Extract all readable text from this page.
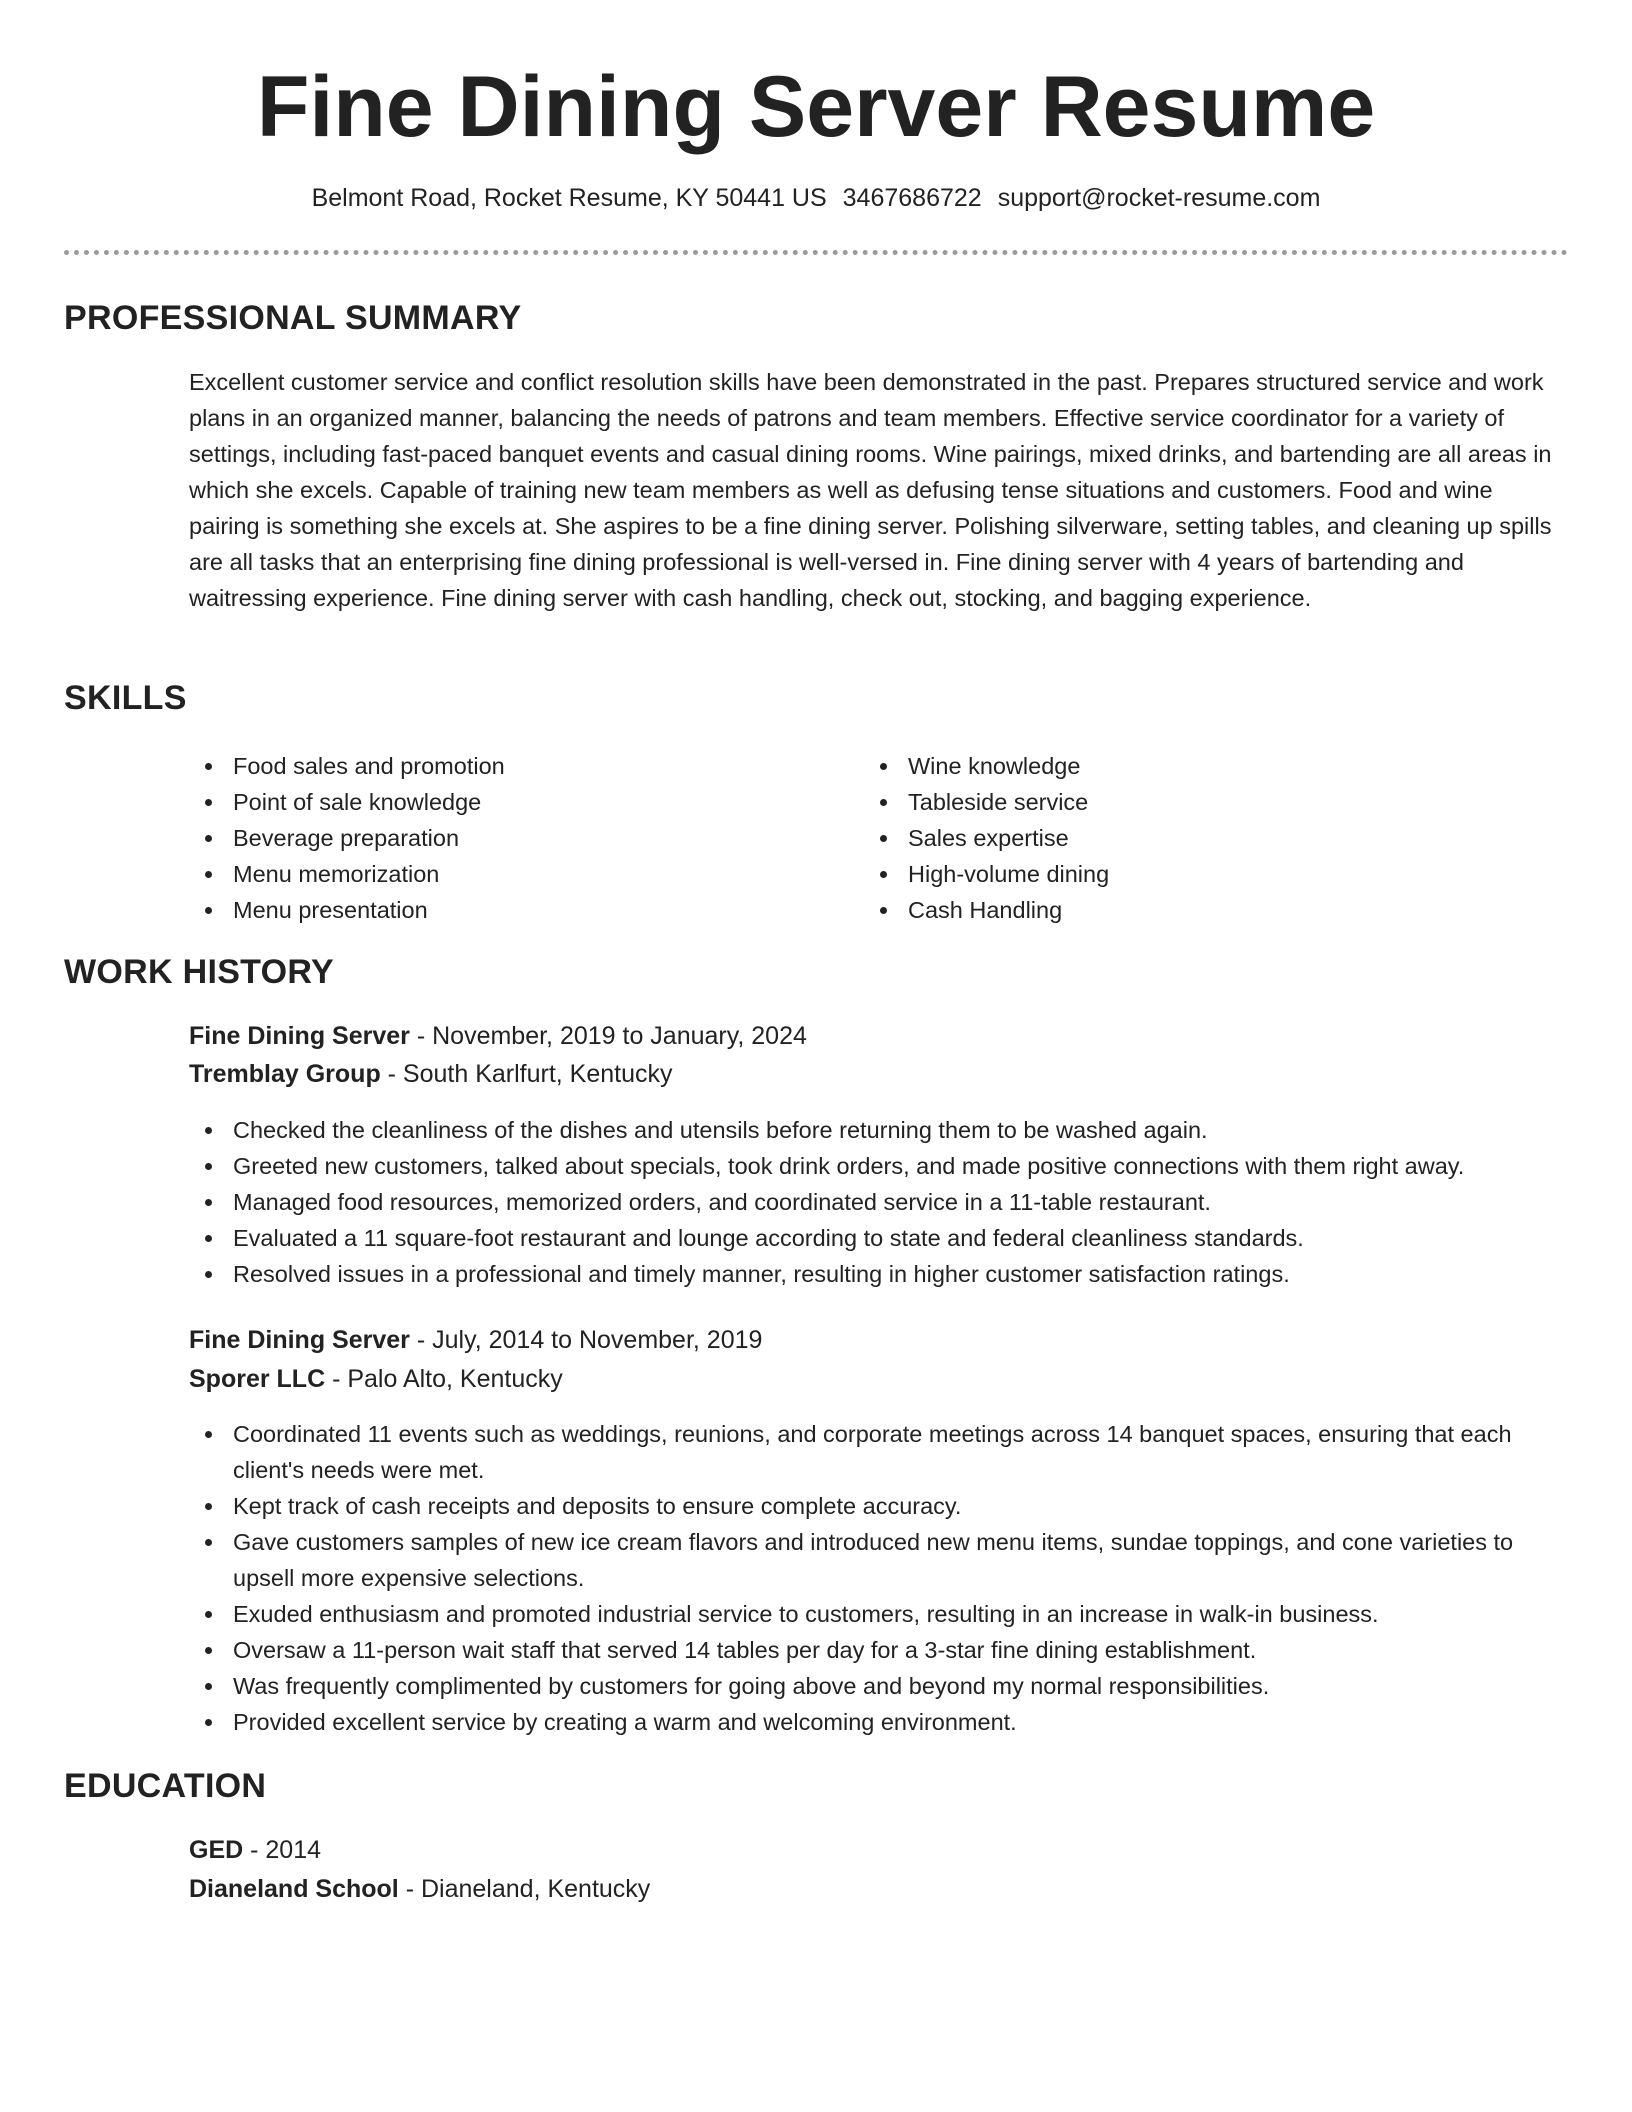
Fine Dining Server Resume
Belmont Road, Rocket Resume, KY 50441 US 3467686722 support@rocket-resume.com
PROFESSIONAL SUMMARY

Excellent customer service and conflict resolution skills have been demonstrated in the past. Prepares structured service and work plans in an organized manner, balancing the needs of patrons and team members. Effective service coordinator for a variety of settings, including fast-paced banquet events and casual dining rooms. Wine pairings, mixed drinks, and bartending are all areas in which she excels. Capable of training new team members as well as defusing tense situations and customers. Food and wine pairing is something she excels at. She aspires to be a fine dining server. Polishing silverware, setting tables, and cleaning up spills are all tasks that an enterprising fine dining professional is well-versed in. Fine dining server with 4 years of bartending and waitressing experience. Fine dining server with cash handling, check out, stocking, and bagging experience.

SKILLS
Food sales and promotion
Point of sale knowledge
Beverage preparation
Menu memorization
Menu presentation
Wine knowledge
Tableside service
Sales expertise
High-volume dining
Cash Handling
WORK HISTORY
Fine Dining Server - November, 2019 to January, 2024
Tremblay Group - South Karlfurt, Kentucky
Checked the cleanliness of the dishes and utensils before returning them to be washed again.
Greeted new customers, talked about specials, took drink orders, and made positive connections with them right away.
Managed food resources, memorized orders, and coordinated service in a 11-table restaurant.
Evaluated a 11 square-foot restaurant and lounge according to state and federal cleanliness standards.
Resolved issues in a professional and timely manner, resulting in higher customer satisfaction ratings.
Fine Dining Server - July, 2014 to November, 2019
Sporer LLC - Palo Alto, Kentucky
Coordinated 11 events such as weddings, reunions, and corporate meetings across 14 banquet spaces, ensuring that each client's needs were met.
Kept track of cash receipts and deposits to ensure complete accuracy.
Gave customers samples of new ice cream flavors and introduced new menu items, sundae toppings, and cone varieties to upsell more expensive selections.
Exuded enthusiasm and promoted industrial service to customers, resulting in an increase in walk-in business.
Oversaw a 11-person wait staff that served 14 tables per day for a 3-star fine dining establishment.
Was frequently complimented by customers for going above and beyond my normal responsibilities.
Provided excellent service by creating a warm and welcoming environment.
EDUCATION
GED - 2014
Dianeland School - Dianeland, Kentucky
